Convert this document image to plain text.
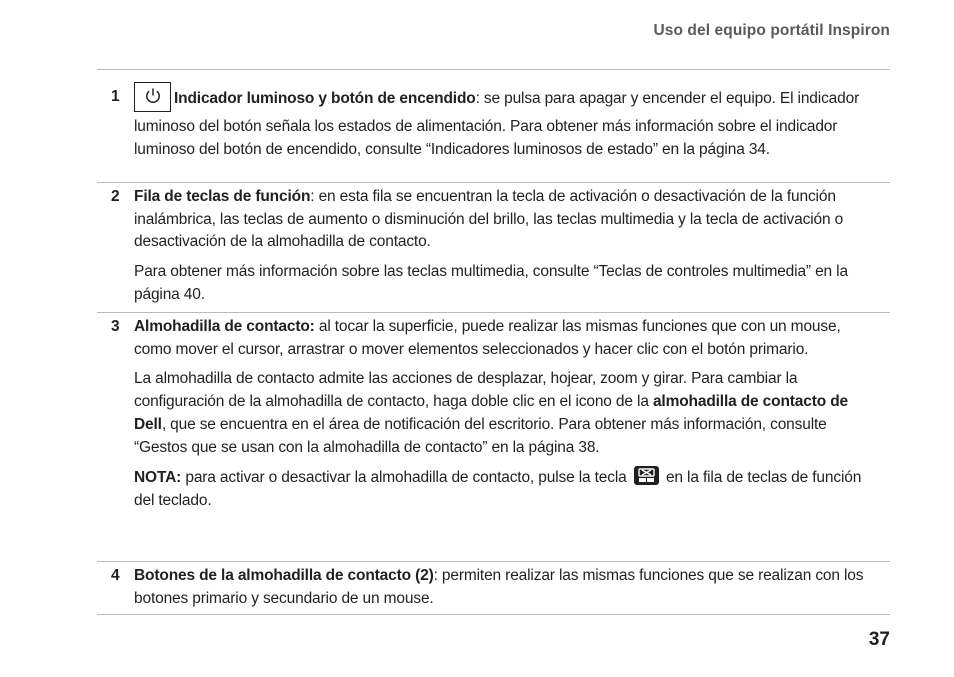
Uso del equipo portátil Inspiron
1	Indicador luminoso y botón de encendido: se pulsa para apagar y encender el equipo. El indicador luminoso del botón señala los estados de alimentación. Para obtener más información sobre el indicador luminoso del botón de encendido, consulte “Indicadores luminosos de estado” en la página 34.

2 Fila de teclas de función: en esta fila se encuentran la tecla de activación o desactivación de la función inalámbrica, las teclas de aumento o disminución del brillo, las teclas multimedia y la tecla de activación o desactivación de la almohadilla de contacto.

Para obtener más información sobre las teclas multimedia, consulte “Teclas de controles multimedia” en la página 40.

3 Almohadilla de contacto: al tocar la superficie, puede realizar las mismas funciones que con un mouse, como mover el cursor, arrastrar o mover elementos seleccionados y hacer clic con el botón primario.

La almohadilla de contacto admite las acciones de desplazar, hojear, zoom y girar. Para cambiar la configuración de la almohadilla de contacto, haga doble clic en el icono de la almohadilla de contacto de Dell, que se encuentra en el área de notificación del escritorio. Para obtener más información, consulte “Gestos que se usan con la almohadilla de contacto” en la página 38.

NOTA: para activar o desactivar la almohadilla de contacto, pulse la tecla
en la fila de teclas de función del teclado.

4 Botones de la almohadilla de contacto (2): permiten realizar las mismas funciones que se realizan con los botones primario y secundario de un mouse.

37
